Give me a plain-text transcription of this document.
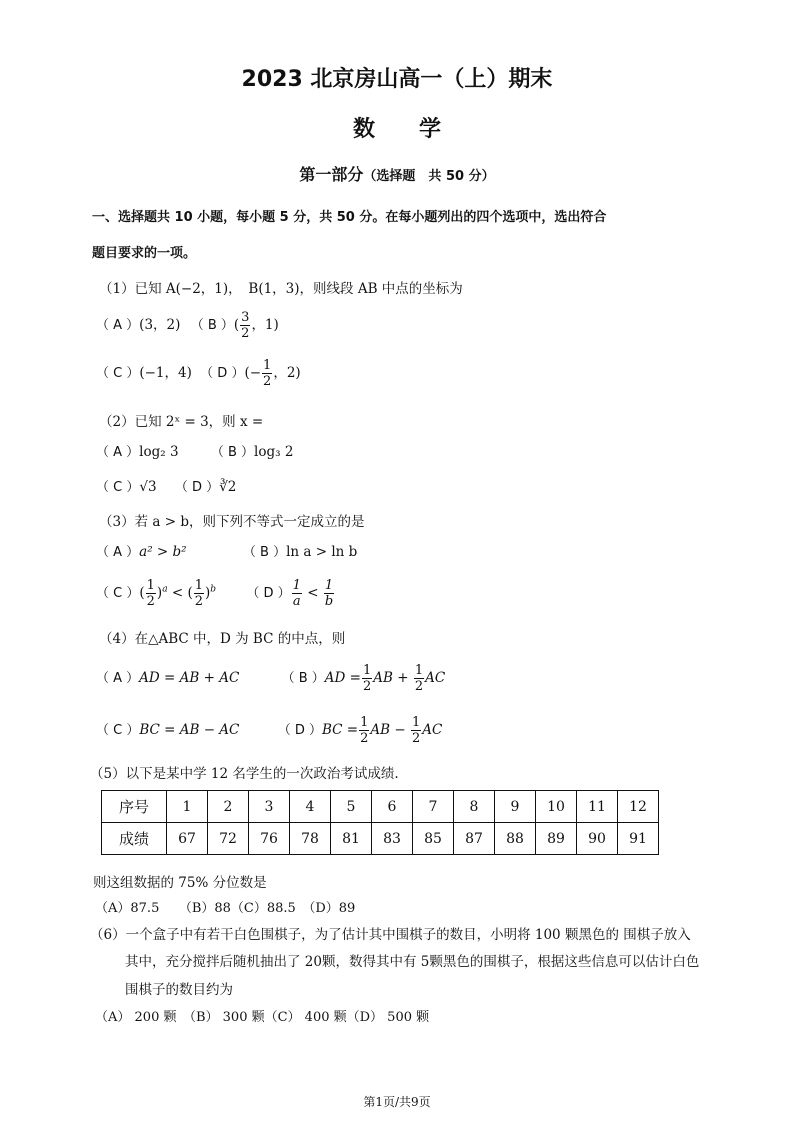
2023 北京房山高一（上）期末
数　　学
第一部分（选择题　共 50 分）
一、选择题共 10 小题，每小题 5 分，共 50 分。在每小题列出的四个选项中，选出符合
题目要求的一项。
（1）已知 A(−2，1)，　B(1，3)，则线段 AB 中点的坐标为
（ A ）(3，2) （ B ）( $\frac{3}{2}$ ，1)
（ C ）(−1，4) （ D ）(− $\frac{1}{2}$ ，2)
（2）已知 2ˣ = 3，则 x =
（ A ）log₂ 3 （ B ）log₃ 2
（ C ）√3 （ D ）∛2
（3）若 a > b，则下列不等式一定成立的是
（ A ）a² > b²	（ B ）ln a > ln b
（ C ）( $\frac{1}{2} )^a$ < ( $\frac{1}{2} )^b$ （ D ） $\frac{1}{a} < \frac{1}{b}$
（4）在△ABC 中，D 为 BC 的中点，则
（ A ）AD = AB + AC	（ B ）$AD = \frac{1}{2}$ AB + $\frac{1}{2}$ AC
（ C ）BC = AB − AC	（ D ）$BC = \frac{1}{2}$ AB − $\frac{1}{2}$ AC
（5）以下是某中学 12 名学生的一次政治考试成绩.
序号	1	2	3	4	5	6	7	8	9	10	11	12
成绩	67	72	76	78	81	83	85	87	88	89	90	91
则这组数据的 75% 分位数是
（A）87.5　　（B）88（C）88.5　（D）89
（6）一个盒子中有若干白色围棋子，为了估计其中围棋子的数目，小明将 100 颗黑色的 围棋子放入
其中，充分搅拌后随机抽出了 20颗，数得其中有 5颗黑色的围棋子，根据这些信息可以估计白色
围棋子的数目约为
（A） 200 颗　（B） 300 颗（C） 400 颗（D） 500 颗
第1页/共9页
